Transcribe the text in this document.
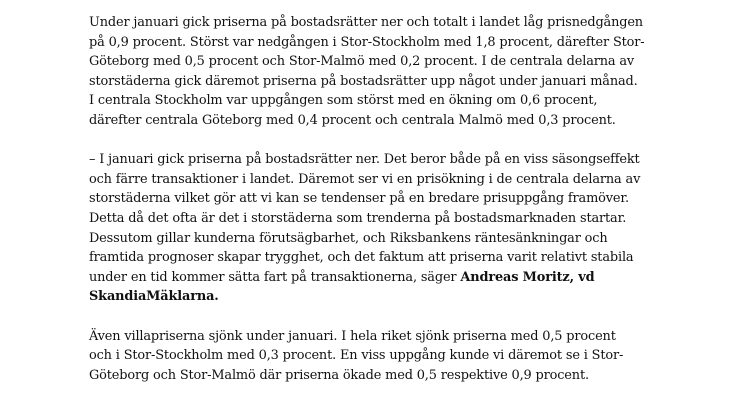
Under januari gick priserna på bostadsrätter ner och totalt i landet låg prisnedgången
på 0,9 procent. Störst var nedgången i Stor-Stockholm med 1,8 procent, därefter Stor-
Göteborg med 0,5 procent och Stor-Malmö med 0,2 procent. I de centrala delarna av
storstäderna gick däremot priserna på bostadsrätter upp något under januari månad.
I centrala Stockholm var uppgången som störst med en ökning om 0,6 procent,
därefter centrala Göteborg med 0,4 procent och centrala Malmö med 0,3 procent.

– I januari gick priserna på bostadsrätter ner. Det beror både på en viss säsongseffekt
och färre transaktioner i landet. Däremot ser vi en prisökning i de centrala delarna av
storstäderna vilket gör att vi kan se tendenser på en bredare prisuppgång framöver.
Detta då det ofta är det i storstäderna som trenderna på bostadsmarknaden startar.
Dessutom gillar kunderna förutsägbarhet, och Riksbankens räntesänkningar och
framtida prognoser skapar trygghet, och det faktum att priserna varit relativt stabila
under en tid kommer sätta fart på transaktionerna, säger Andreas Moritz, vd
SkandiaMäklarna.

Även villapriserna sjönk under januari. I hela riket sjönk priserna med 0,5 procent
och i Stor-Stockholm med 0,3 procent. En viss uppgång kunde vi däremot se i Stor-
Göteborg och Stor-Malmö där priserna ökade med 0,5 respektive 0,9 procent.
